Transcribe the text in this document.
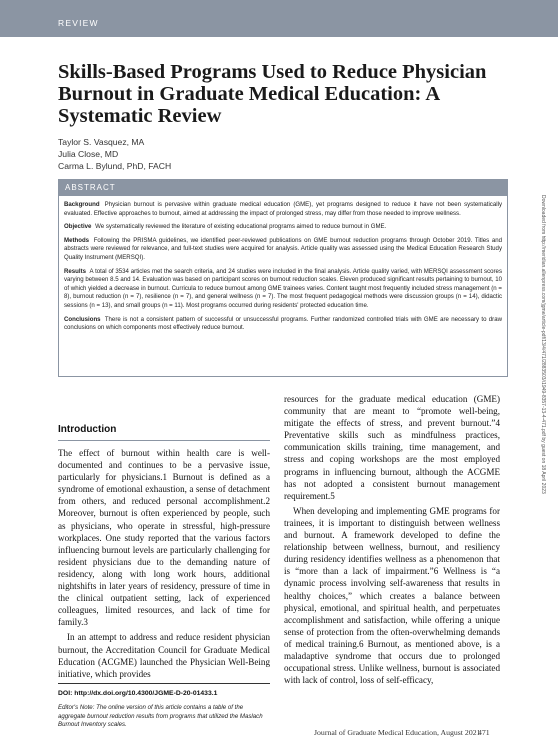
REVIEW
Skills-Based Programs Used to Reduce Physician Burnout in Graduate Medical Education: A Systematic Review
Taylor S. Vasquez, MA
Julia Close, MD
Carma L. Bylund, PhD, FACH
ABSTRACT

Background Physician burnout is pervasive within graduate medical education (GME), yet programs designed to reduce it have not been systematically evaluated. Effective approaches to burnout, aimed at addressing the impact of prolonged stress, may differ from those needed to improve wellness.

Objective We systematically reviewed the literature of existing educational programs aimed to reduce burnout in GME.

Methods Following the PRISMA guidelines, we identified peer-reviewed publications on GME burnout reduction programs through October 2019. Titles and abstracts were reviewed for relevance, and full-text studies were acquired for analysis. Article quality was assessed using the Medical Education Research Study Quality Instrument (MERSQI).

Results A total of 3534 articles met the search criteria, and 24 studies were included in the final analysis. Article quality varied, with MERSQI assessment scores varying between 8.5 and 14. Evaluation was based on participant scores on burnout reduction scales. Eleven produced significant results pertaining to burnout, 10 of which yielded a decrease in burnout. Curricula to reduce burnout among GME trainees varies. Content taught most frequently included stress management (n = 8), burnout reduction (n = 7), resilience (n = 7), and general wellness (n = 7). The most frequent pedagogical methods were discussion groups (n = 14), didactic sessions (n = 13), and small groups (n = 11). Most programs occurred during residents' protected education time.

Conclusions There is not a consistent pattern of successful or unsuccessful programs. Further randomized controlled trials with GME are necessary to draw conclusions on which components most effectively reduce burnout.

Introduction

The effect of burnout within health care is well-documented and continues to be a pervasive issue, particularly for physicians.1 Burnout is defined as a syndrome of emotional exhaustion, a sense of detachment from others, and reduced personal accomplishment.2 Moreover, burnout is often experienced by people, such as physicians, who operate in stressful, high-pressure workplaces. One study reported that the various factors influencing burnout levels are particularly challenging for resident physicians due to the demanding nature of residency, along with long work hours, additional nightshifts in later years of residency, pressure of time in the clinical outpatient setting, lack of experienced colleagues, limited resources, and lack of time for family.3

In an attempt to address and reduce resident physician burnout, the Accreditation Council for Graduate Medical Education (ACGME) launched the Physician Well-Being initiative, which provides

resources for the graduate medical education (GME) community that are meant to “promote well-being, mitigate the effects of stress, and prevent burnout.”4 Preventative skills such as mindfulness practices, communication skills training, time management, and stress and coping workshops are the most employed programs in influencing burnout, although the ACGME has not adopted a consistent burnout management requirement.5

When developing and implementing GME programs for trainees, it is important to distinguish between wellness and burnout. A framework developed to define the relationship between wellness, burnout, and resiliency during residency identifies wellness as a phenomenon that is “more than a lack of impairment.”6 Wellness is “a dynamic process involving self-awareness that results in healthy choices,” which creates a balance between physical, emotional, and spiritual health, and perpetuates accomplishment and satisfaction, while offering a unique sense of protection from the often-overwhelming demands of medical training.6 Burnout, as mentioned above, is a maladaptive syndrome that occurs due to prolonged occupational stress. Unlike wellness, burnout is associated with lack of control, loss of self-efficacy,

DOI: http://dx.doi.org/10.4300/JGME-D-20-01433.1
Editor's Note: The online version of this article contains a table of the aggregate burnout reduction results from programs that utilized the Maslach Burnout Inventory scales.
Journal of Graduate Medical Education, August 2021
471
Downloaded from http://meridian.allenpress.com/jgme/article-pdf/13/4/471/2883503/i1949-8357-13-4-471.pdf by guest on 18 April 2023
